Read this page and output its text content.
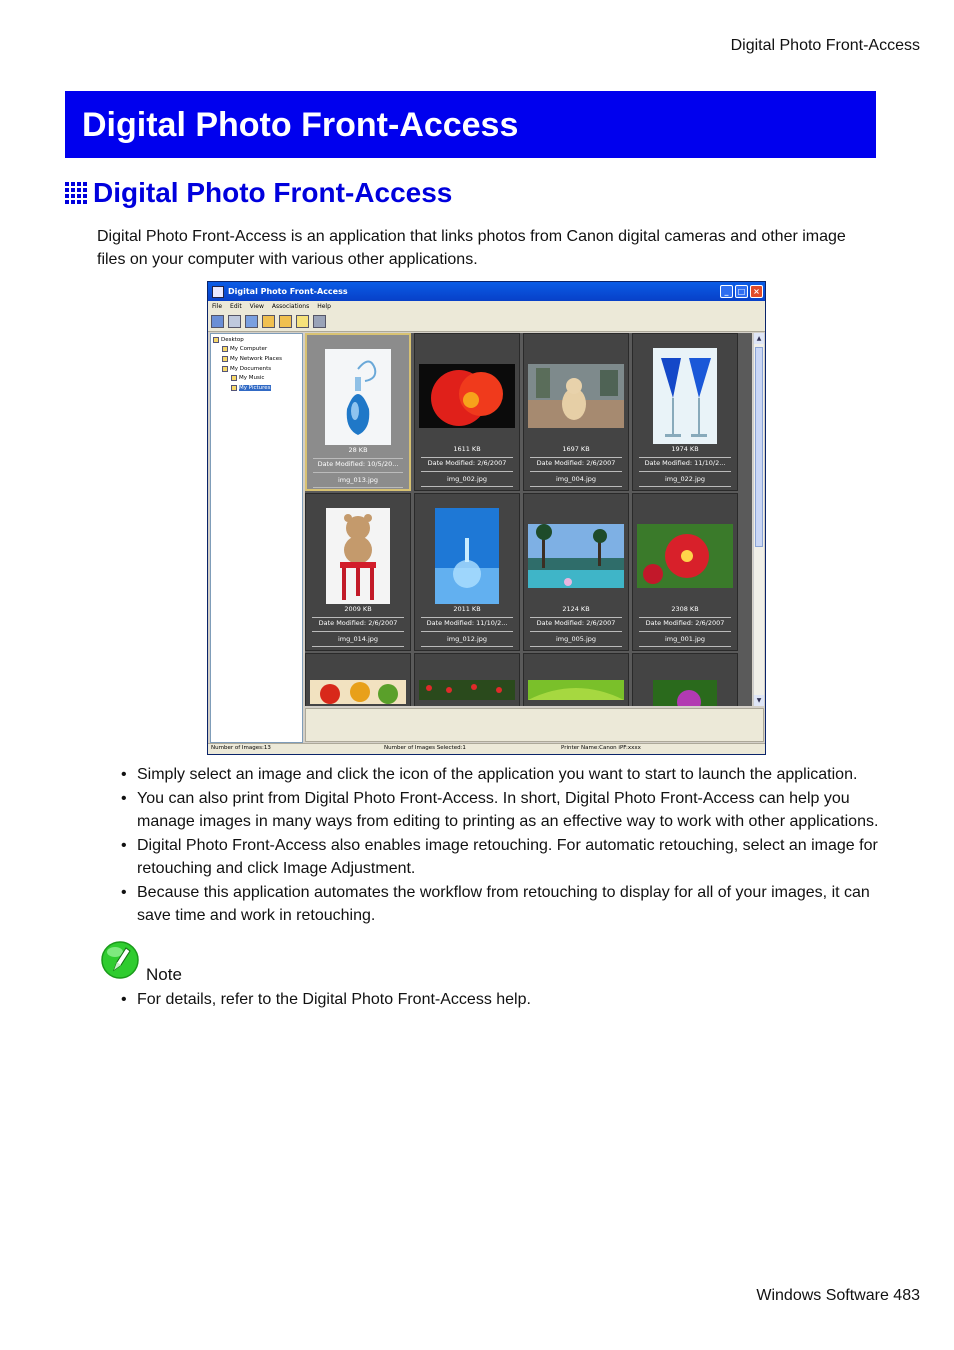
Digital Photo Front-Access
Digital Photo Front-Access
Digital Photo Front-Access

Digital Photo Front-Access is an application that links photos from Canon digital cameras and other image files on your computer with various other applications.

Digital Photo Front-Access	_	□ ×
File Edit View Associations Help
Desktop
My Computer
My Network Places
My Documents
My Music
My Pictures
28 KB
Date Modified: 10/5/20...
img_013.jpg
1611 KB
Date Modified: 2/6/2007
img_002.jpg
1697 KB
Date Modified: 2/6/2007
img_004.jpg
1974 KB
Date Modified: 11/10/2...
img_022.jpg
2009 KB
Date Modified: 2/6/2007
img_014.jpg
2011 KB
Date Modified: 11/10/2...
img_012.jpg
2124 KB
Date Modified: 2/6/2007
img_005.jpg
2308 KB
Date Modified: 2/6/2007
img_001.jpg
▲
▼
Number of Images:13	Number of Images Selected:1	Printer Name:Canon iPF:xxxx
• Simply select an image and click the icon of the application you want to start to launch the application.
• You can also print from Digital Photo Front-Access. In short, Digital Photo Front-Access can help you manage images in many ways from editing to printing as an effective way to work with other applications.
• Digital Photo Front-Access also enables image retouching. For automatic retouching, select an image for retouching and click Image Adjustment.
• Because this application automates the workflow from retouching to display for all of your images, it can save time and work in retouching.
Note
• For details, refer to the Digital Photo Front-Access help.
Windows Software 483
